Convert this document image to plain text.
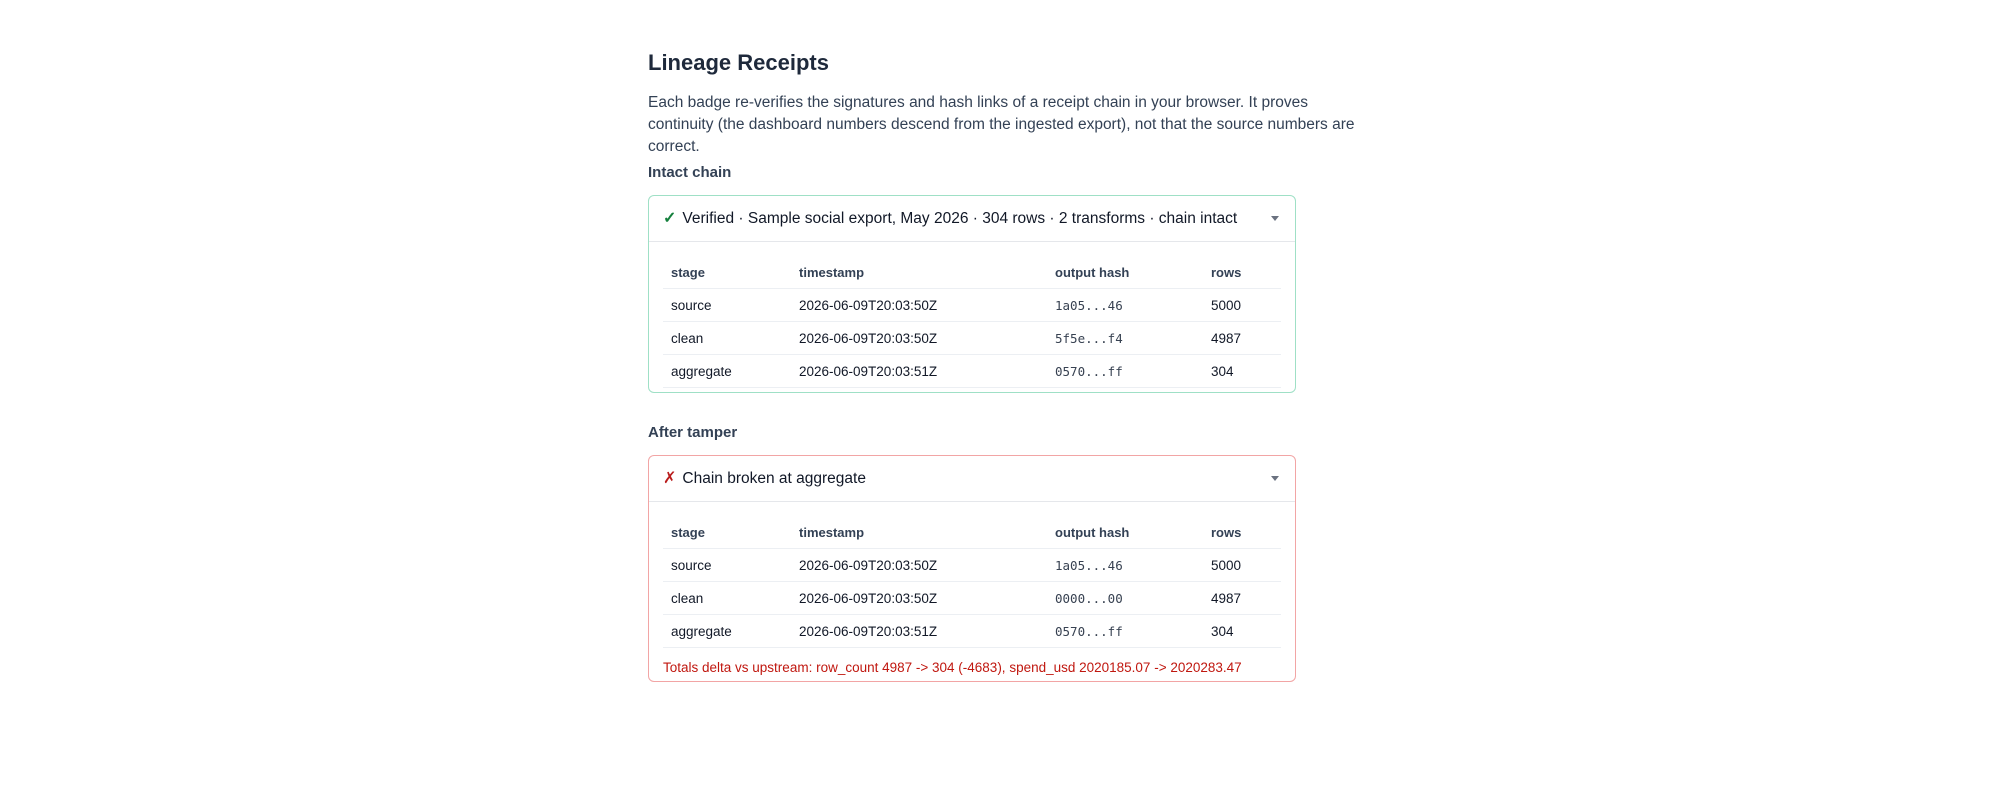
Lineage Receipts

Each badge re-verifies the signatures and hash links of a receipt chain in your browser. It proves continuity (the dashboard numbers descend from the ingested export), not that the source numbers are correct.

Intact chain
✓ Verified · Sample social export, May 2026 · 304 rows · 2 transforms · chain intact
stage	timestamp	output hash	rows
source	2026-06-09T20:03:50Z	1a05...46	5000
clean	2026-06-09T20:03:50Z	5f5e...f4	4987
aggregate	2026-06-09T20:03:51Z	0570...ff	304
After tamper
✗ Chain broken at aggregate
stage	timestamp	output hash	rows
source	2026-06-09T20:03:50Z	1a05...46	5000
clean	2026-06-09T20:03:50Z	0000...00	4987
aggregate	2026-06-09T20:03:51Z	0570...ff	304
Totals delta vs upstream: row_count 4987 -> 304 (-4683), spend_usd 2020185.07 -> 2020283.47
